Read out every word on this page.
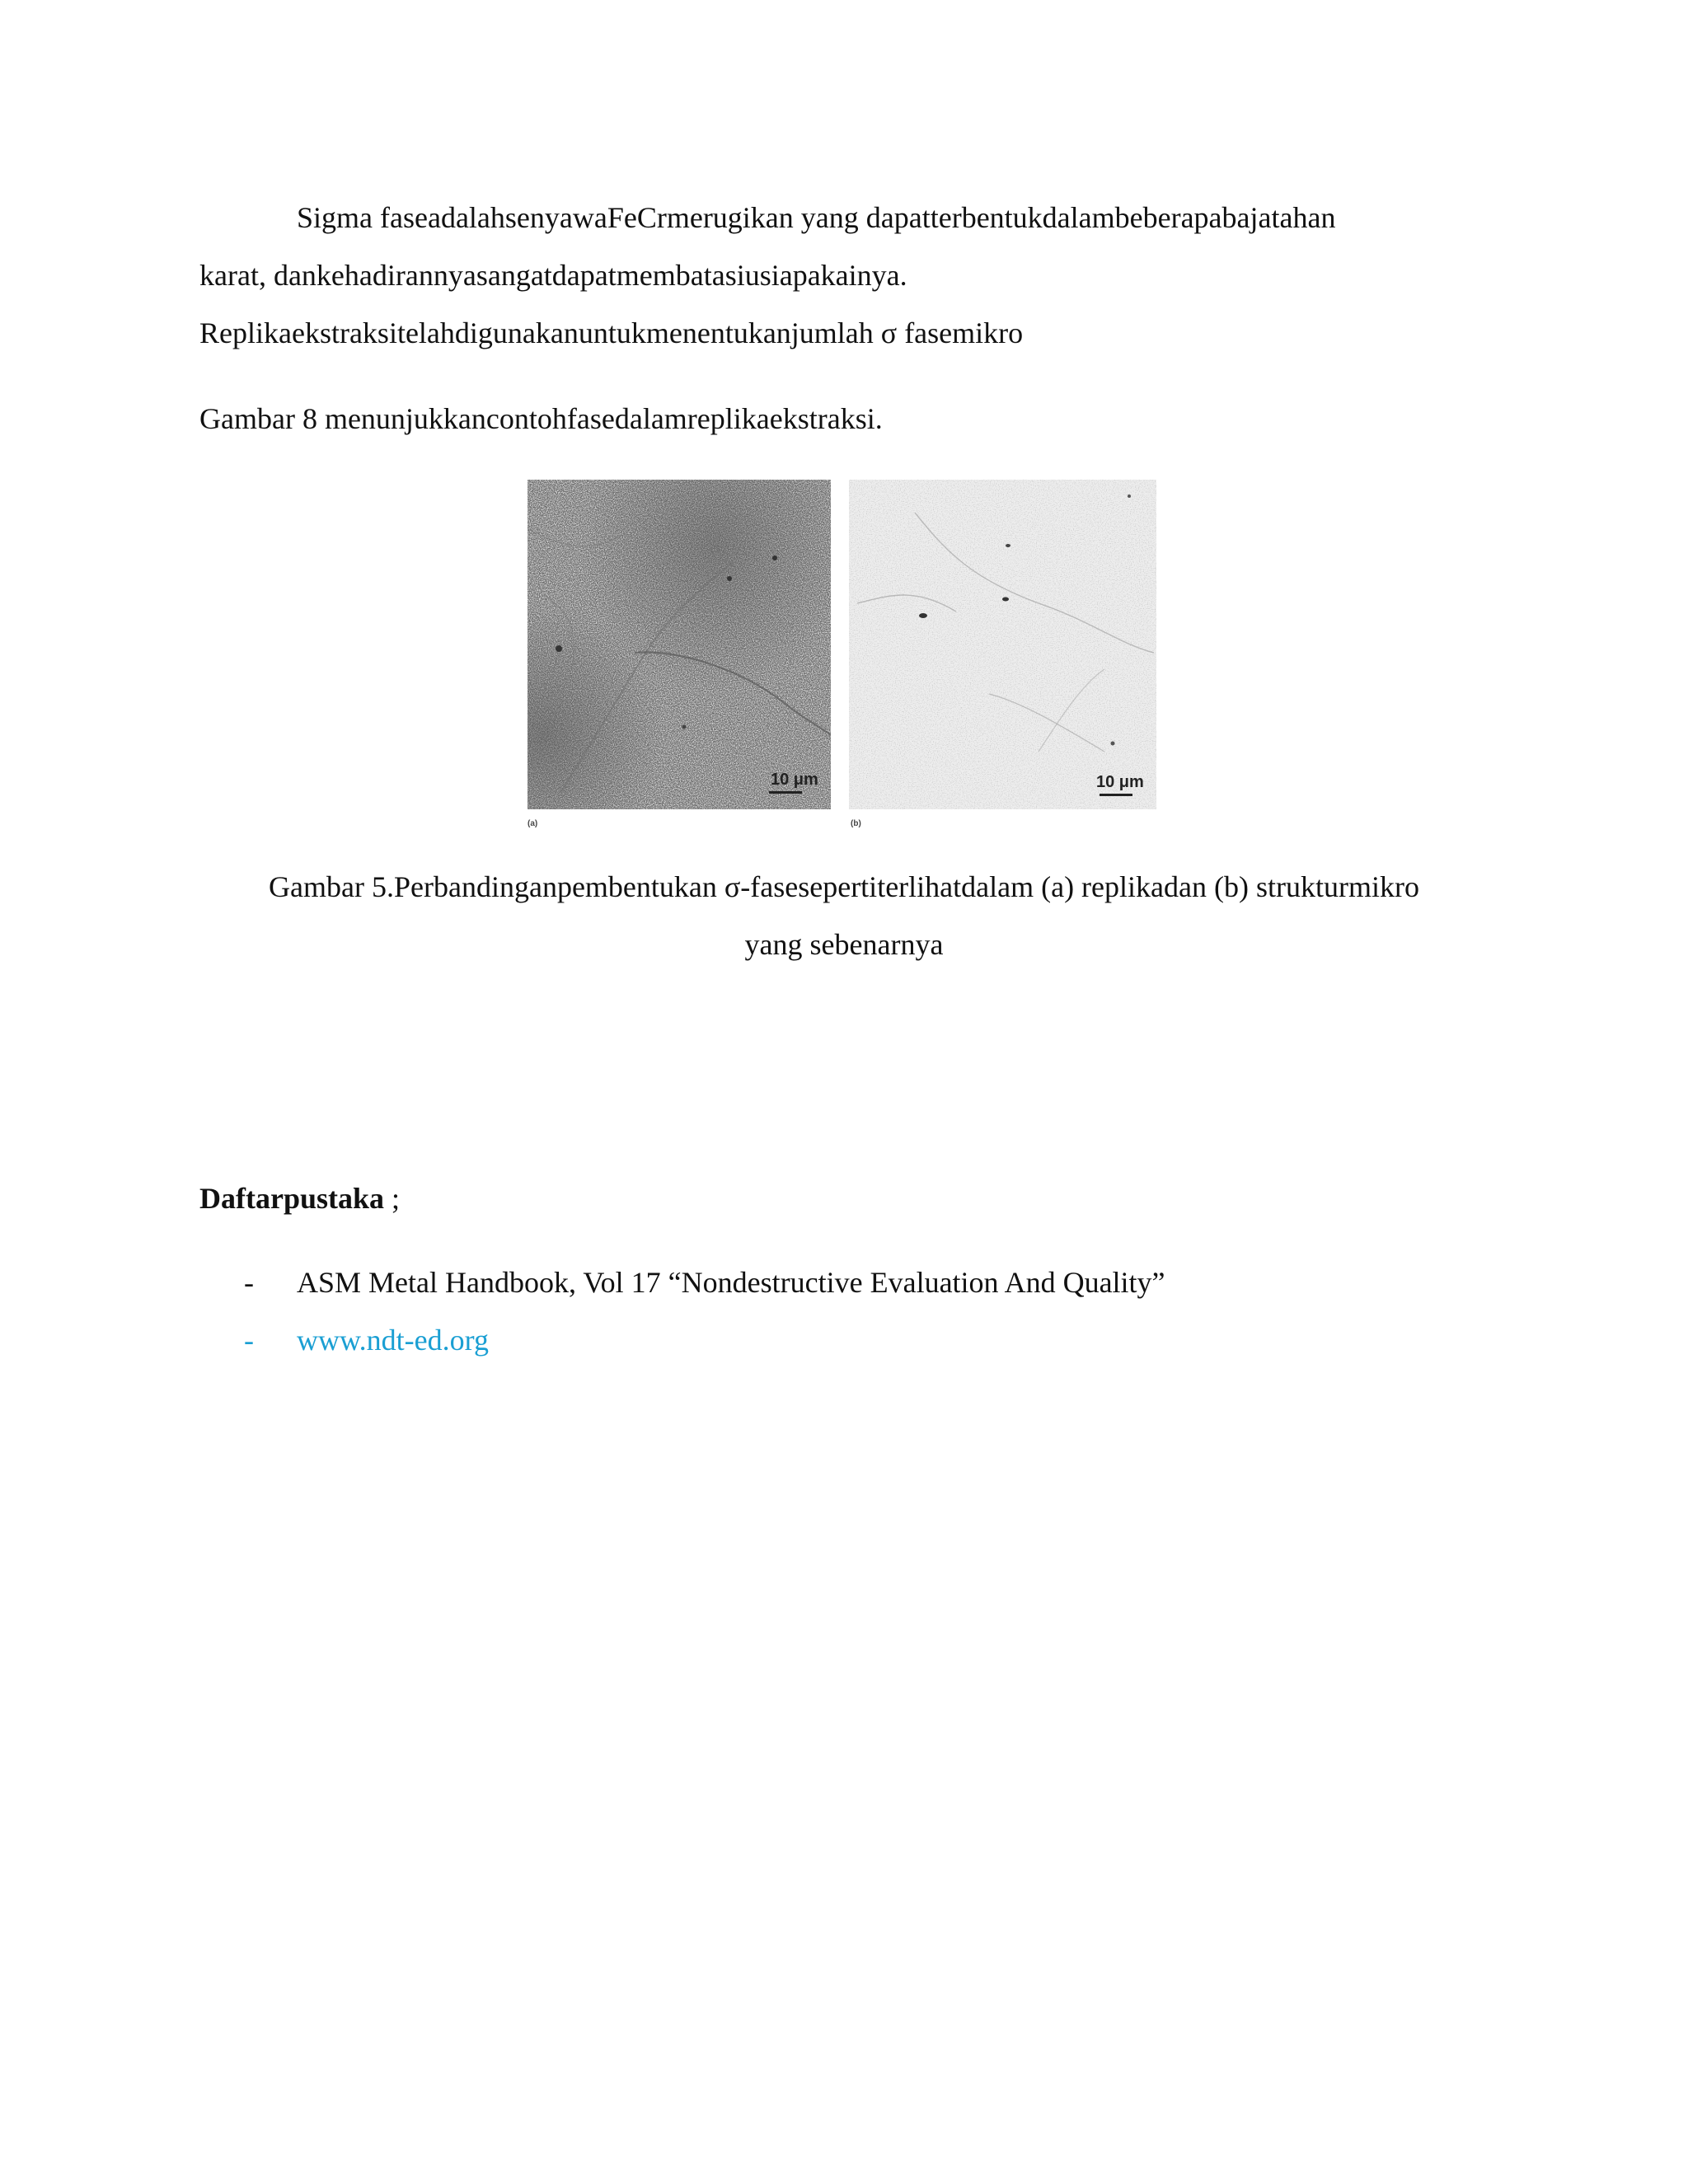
Sigma faseadalahsenyawaFeCrmerugikan yang dapatterbentukdalambeberapabajatahan
karat, dankehadirannyasangatdapatmembatasiusiapakainya.
Replikaekstraksitelahdigunakanuntukmenentukanjumlah σ fasemikro
Gambar 8 menunjukkancontohfasedalamreplikaekstraksi.
10 μm
(a)
10 μm
(b)
Gambar 5.Perbandinganpembentukan σ-fasesepertiterlihatdalam (a) replikadan (b) strukturmikro
yang sebenarnya
Daftarpustaka ;
- ASM Metal Handbook, Vol 17 “Nondestructive Evaluation And Quality”
- www.ndt-ed.org
